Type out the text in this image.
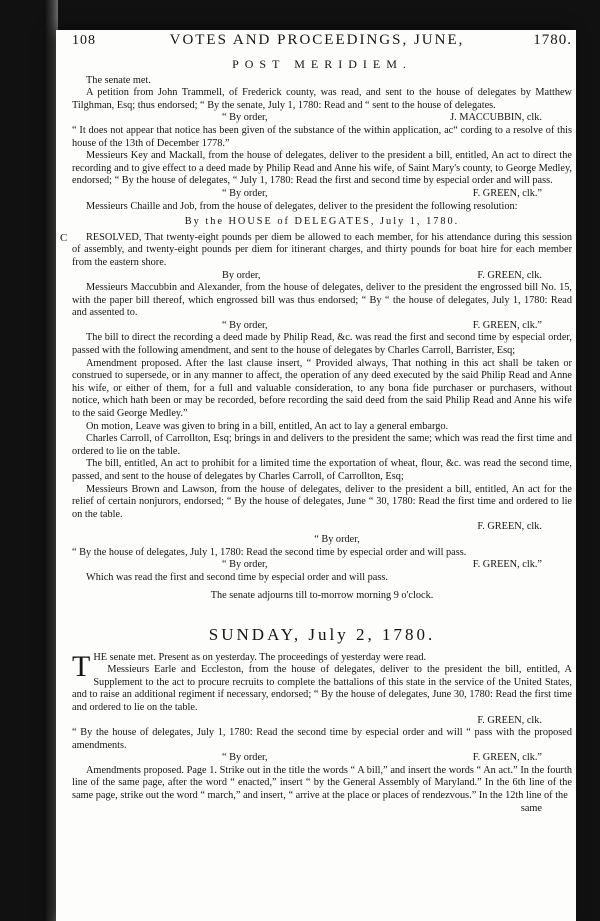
108	VOTES AND PROCEEDINGS, JUNE,	1780.
POST MERIDIEM.

The senate met.

A petition from John Trammell, of Frederick county, was read, and sent to the house of delegates by Matthew Tilghman, Esq; thus endorsed; “ By the senate, July 1, 1780: Read and “ sent to the house of delegates.

“ By order,	J. MACCUBBIN, clk.

“ It does not appear that notice has been given of the substance of the within application, ac“ cording to a resolve of this house of the 13th of December 1778.”

Messieurs Key and Mackall, from the house of delegates, deliver to the president a bill, entitled, An act to direct the recording and to give effect to a deed made by Philip Read and Anne his wife, of Saint Mary's county, to George Medley, endorsed; “ By the house of delegates, “ July 1, 1780: Read the first and second time by especial order and will pass.

“ By order,	F. GREEN, clk.”

Messieurs Chaille and Job, from the house of delegates, deliver to the president the following resolution:

By the HOUSE of DELEGATES, July 1, 1780.
C	RESOLVED, That twenty-eight pounds per diem be allowed to each member, for his attendance during this session of assembly, and twenty-eight pounds per diem for itinerant charges, and thirty pounds for boat hire for each member from the eastern shore.

By order,	F. GREEN, clk.

Messieurs Maccubbin and Alexander, from the house of delegates, deliver to the president the engrossed bill No. 15, with the paper bill thereof, which engrossed bill was thus endorsed; “ By “ the house of delegates, July 1, 1780: Read and assented to.

“ By order,	F. GREEN, clk.”

The bill to direct the recording a deed made by Philip Read, &c. was read the first and second time by especial order, passed with the following amendment, and sent to the house of delegates by Charles Carroll, Barrister, Esq;

Amendment proposed. After the last clause insert, “ Provided always, That nothing in this act shall be taken or construed to supersede, or in any manner to affect, the operation of any deed executed by the said Philip Read and Anne his wife, or either of them, for a full and valuable consideration, to any bona fide purchaser or purchasers, without notice, which hath been or may be recorded, before recording the said deed from the said Philip Read and Anne his wife to the said George Medley.”

On motion, Leave was given to bring in a bill, entitled, An act to lay a general embargo.

Charles Carroll, of Carrollton, Esq; brings in and delivers to the president the same; which was read the first time and ordered to lie on the table.

The bill, entitled, An act to prohibit for a limited time the exportation of wheat, flour, &c. was read the second time, passed, and sent to the house of delegates by Charles Carroll, of Carrollton, Esq;

Messieurs Brown and Lawson, from the house of delegates, deliver to the president a bill, entitled, An act for the relief of certain nonjurors, endorsed; “ By the house of delegates, June “ 30, 1780: Read the first time and ordered to lie on the table.

F. GREEN, clk.
“ By order,

“ By the house of delegates, July 1, 1780: Read the second time by especial order and will pass.

“ By order,	F. GREEN, clk.”

Which was read the first and second time by especial order and will pass.

The senate adjourns till to-morrow morning 9 o'clock.
SUNDAY, July 2, 1780.

THE senate met. Present as on yesterday. The proceedings of yesterday were read.

Messieurs Earle and Eccleston, from the house of delegates, deliver to the president the bill, entitled, A Supplement to the act to procure recruits to complete the battalions of this state in the service of the United States, and to raise an additional regiment if necessary, endorsed; “ By the house of delegates, June 30, 1780: Read the first time and ordered to lie on the table.

F. GREEN, clk.

“ By the house of delegates, July 1, 1780: Read the second time by especial order and will “ pass with the proposed amendments.

“ By order,	F. GREEN, clk.”

Amendments proposed. Page 1. Strike out in the title the words “ A bill,” and insert the words “ An act.” In the fourth line of the same page, after the word “ enacted,” insert “ by the General Assembly of Maryland.” In the 6th line of the same page, strike out the word “ march,” and insert, “ arrive at the place or places of rendezvous.” In the 12th line of the

same
